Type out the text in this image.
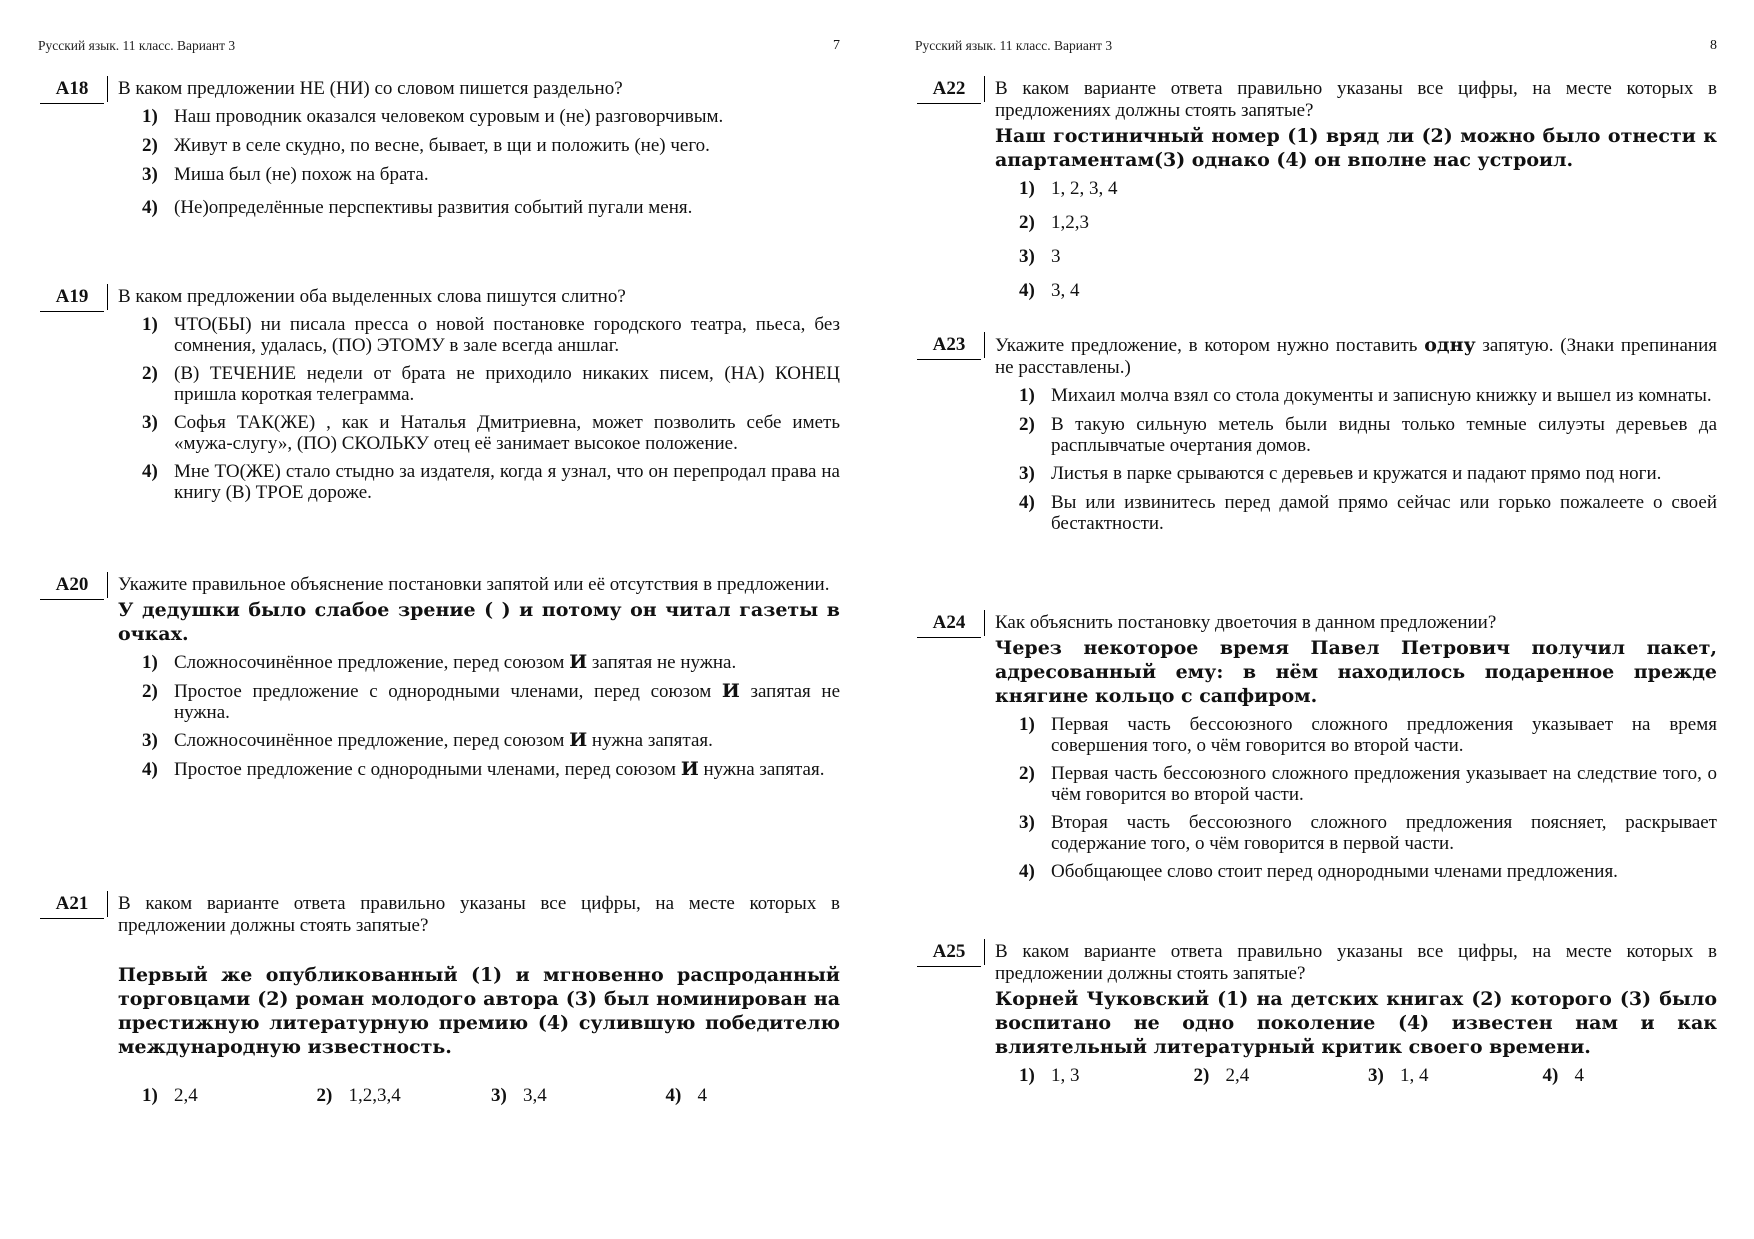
Русский язык. 11 класс. Вариант 3	7
A18	В каком предложении НЕ (НИ) со словом пишется раздельно?
1) Наш проводник оказался человеком суровым и (не) разговорчивым.
2) Живут в селе скудно, по весне, бывает, в щи и положить (не) чего.
3) Миша был (не) похож на брата.
4) (Не)определённые перспективы развития событий пугали меня.
A19	В каком предложении оба выделенных слова пишутся слитно?
1) ЧТО(БЫ) ни писала пресса о новой постановке городского театра, пьеса, без сомнения, удалась, (ПО) ЭТОМУ в зале всегда аншлаг.
2) (В) ТЕЧЕНИЕ недели от брата не приходило никаких писем, (НА) КОНЕЦ пришла короткая телеграмма.
3) Софья ТАК(ЖЕ) , как и Наталья Дмитриевна, может позволить себе иметь «мужа-слугу», (ПО) СКОЛЬКУ отец её занимает высокое положение.
4) Мне ТО(ЖЕ) стало стыдно за издателя, когда я узнал, что он перепродал права на книгу (В) ТРОЕ дороже.
A20	Укажите правильное объяснение постановки запятой или её отсутствия в предложении.
У дедушки было слабое зрение ( ) и потому он читал газеты в очках.
1) Сложносочинённое предложение, перед союзом И запятая не нужна.
2) Простое предложение с однородными членами, перед союзом И запятая не нужна.
3) Сложносочинённое предложение, перед союзом И нужна запятая.
4) Простое предложение с однородными членами, перед союзом И нужна запятая.
A21	В каком варианте ответа правильно указаны все цифры, на месте которых в предложении должны стоять запятые?
Первый же опубликованный (1) и мгновенно распроданный торговцами (2) роман молодого автора (3) был номинирован на престижную литературную премию (4) сулившую победителю международную известность.
1) 2,4	2) 1,2,3,4	3) 3,4	4) 4
Русский язык. 11 класс. Вариант 3	8
A22	В каком варианте ответа правильно указаны все цифры, на месте которых в предложениях должны стоять запятые?
Наш гостиничный номер (1) вряд ли (2) можно было отнести к апартаментам(3) однако (4) он вполне нас устроил.
1) 1, 2, 3, 4
2) 1,2,3
3) 3
4) 3, 4
A23	Укажите предложение, в котором нужно поставить одну запятую. (Знаки препинания не расставлены.)
1) Михаил молча взял со стола документы и записную книжку и вышел из комнаты.
2) В такую сильную метель были видны только темные силуэты деревьев да расплывчатые очертания домов.
3) Листья в парке срываются с деревьев и кружатся и падают прямо под ноги.
4) Вы или извинитесь перед дамой прямо сейчас или горько пожалеете о своей бестактности.
A24	Как объяснить постановку двоеточия в данном предложении?
Через некоторое время Павел Петрович получил пакет, адресованный ему: в нём находилось подаренное прежде княгине кольцо с сапфиром.
1) Первая часть бессоюзного сложного предложения указывает на время совершения того, о чём говорится во второй части.
2) Первая часть бессоюзного сложного предложения указывает на следствие того, о чём говорится во второй части.
3) Вторая часть бессоюзного сложного предложения поясняет, раскрывает содержание того, о чём говорится в первой части.
4) Обобщающее слово стоит перед однородными членами предложения.
A25	В каком варианте ответа правильно указаны все цифры, на месте которых в предложении должны стоять запятые?
Корней Чуковский (1) на детских книгах (2) которого (3) было воспитано не одно поколение (4) известен нам и как влиятельный литературный критик своего времени.
1) 1, 3	2) 2,4	3) 1, 4	4) 4
